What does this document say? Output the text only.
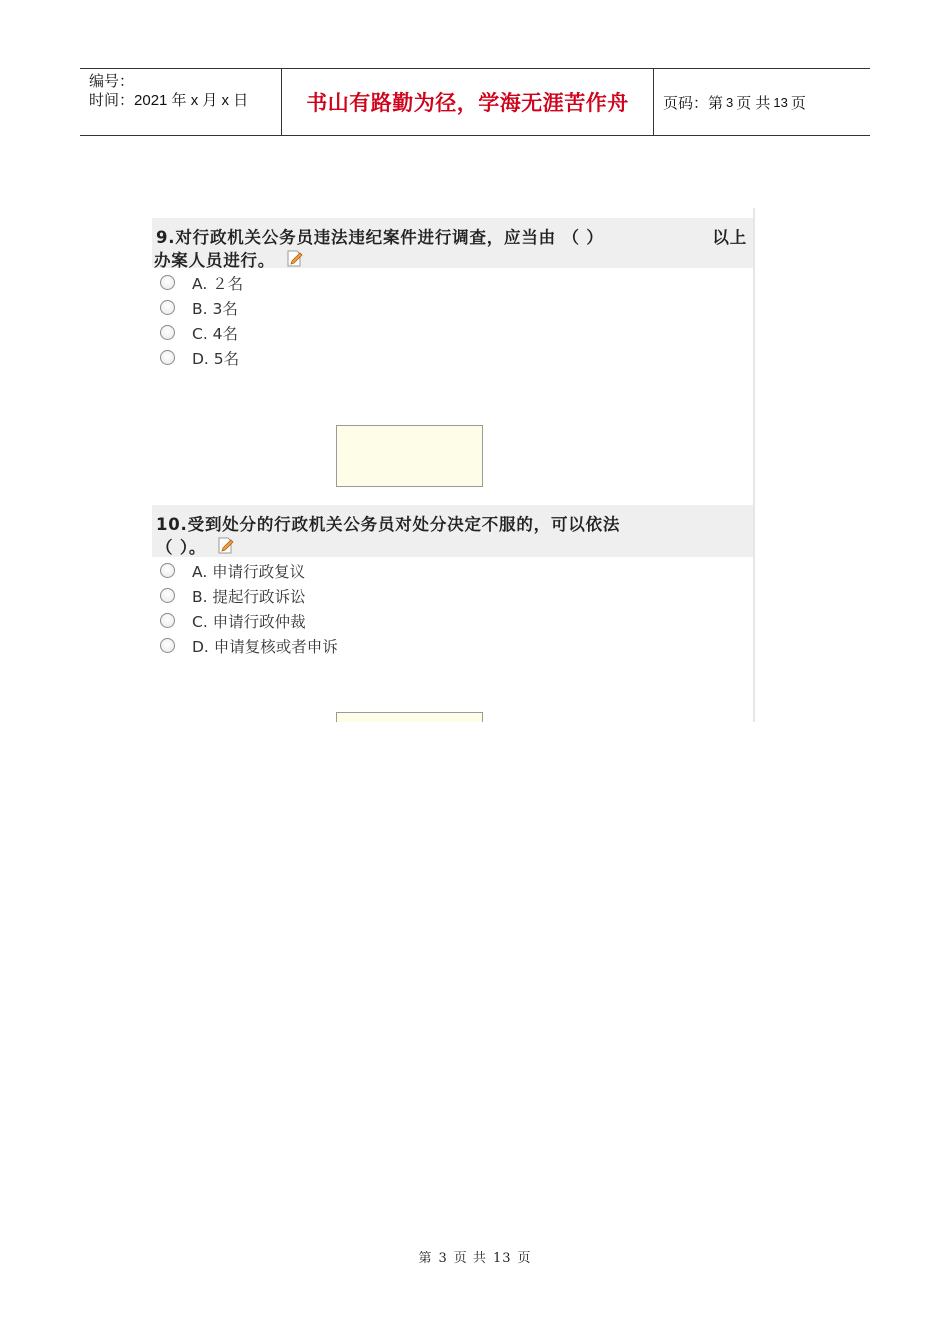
编号：
时间：2021 年 x 月 x 日	书山有路勤为径，学海无涯苦作舟	页码：第 3 页 共 13 页
9.对行政机关公务员违法违纪案件进行调查，应当由 （ ）	以上
办案人员进行。
A. ２名
B. 3名
C. 4名
D. 5名
10.受到处分的行政机关公务员对处分决定不服的，可以依法
（ ）。
A. 申请行政复议
B. 提起行政诉讼
C. 申请行政仲裁
D. 申请复核或者申诉
第 3 页 共 13 页
